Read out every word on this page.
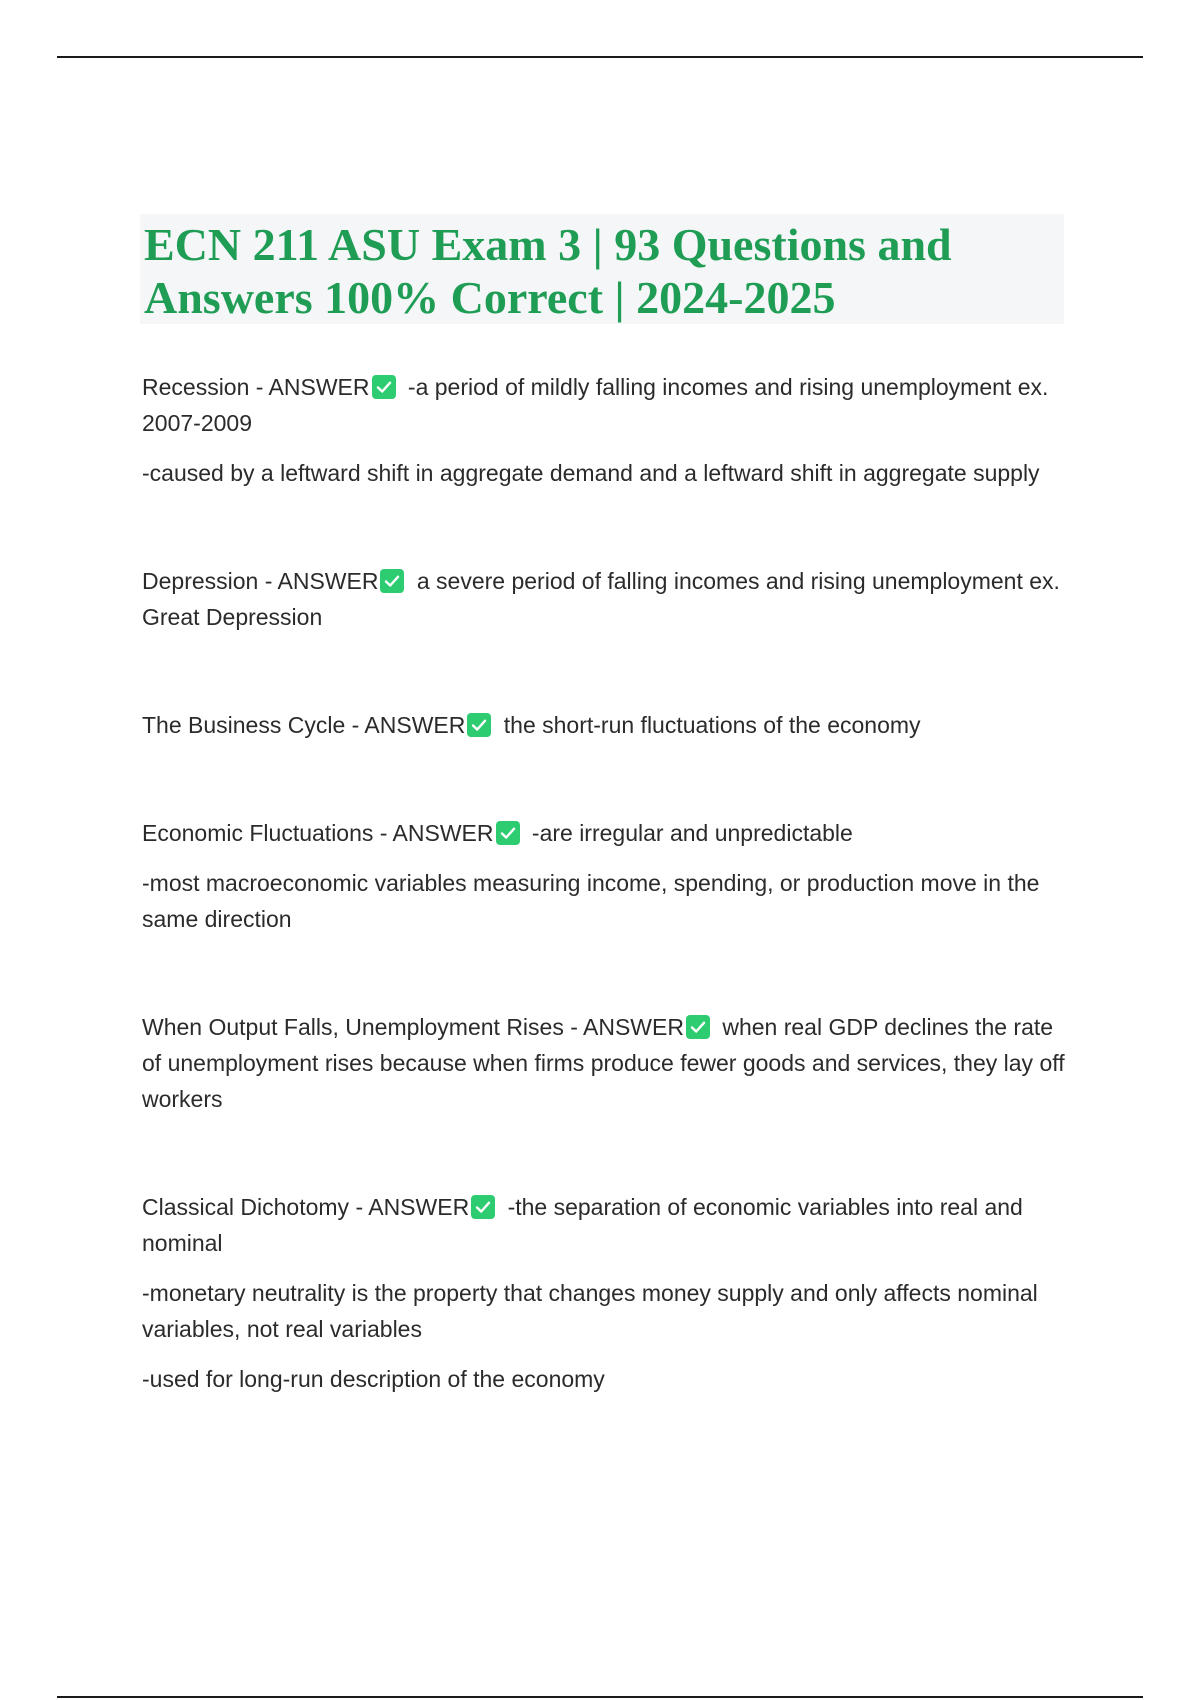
ECN 211 ASU Exam 3 | 93 Questions and Answers 100% Correct | 2024-2025

Recession - ANSWER
-a period of mildly falling incomes and rising unemployment ex. 2007-2009

-caused by a leftward shift in aggregate demand and a leftward shift in aggregate supply

Depression - ANSWER
a severe period of falling incomes and rising unemployment ex. Great Depression

The Business Cycle - ANSWER
the short-run fluctuations of the economy

Economic Fluctuations - ANSWER
-are irregular and unpredictable

-most macroeconomic variables measuring income, spending, or production move in the same direction

When Output Falls, Unemployment Rises - ANSWER
when real GDP declines the rate of unemployment rises because when firms produce fewer goods and services, they lay off workers

Classical Dichotomy - ANSWER
-the separation of economic variables into real and nominal

-monetary neutrality is the property that changes money supply and only affects nominal variables, not real variables

-used for long-run description of the economy
